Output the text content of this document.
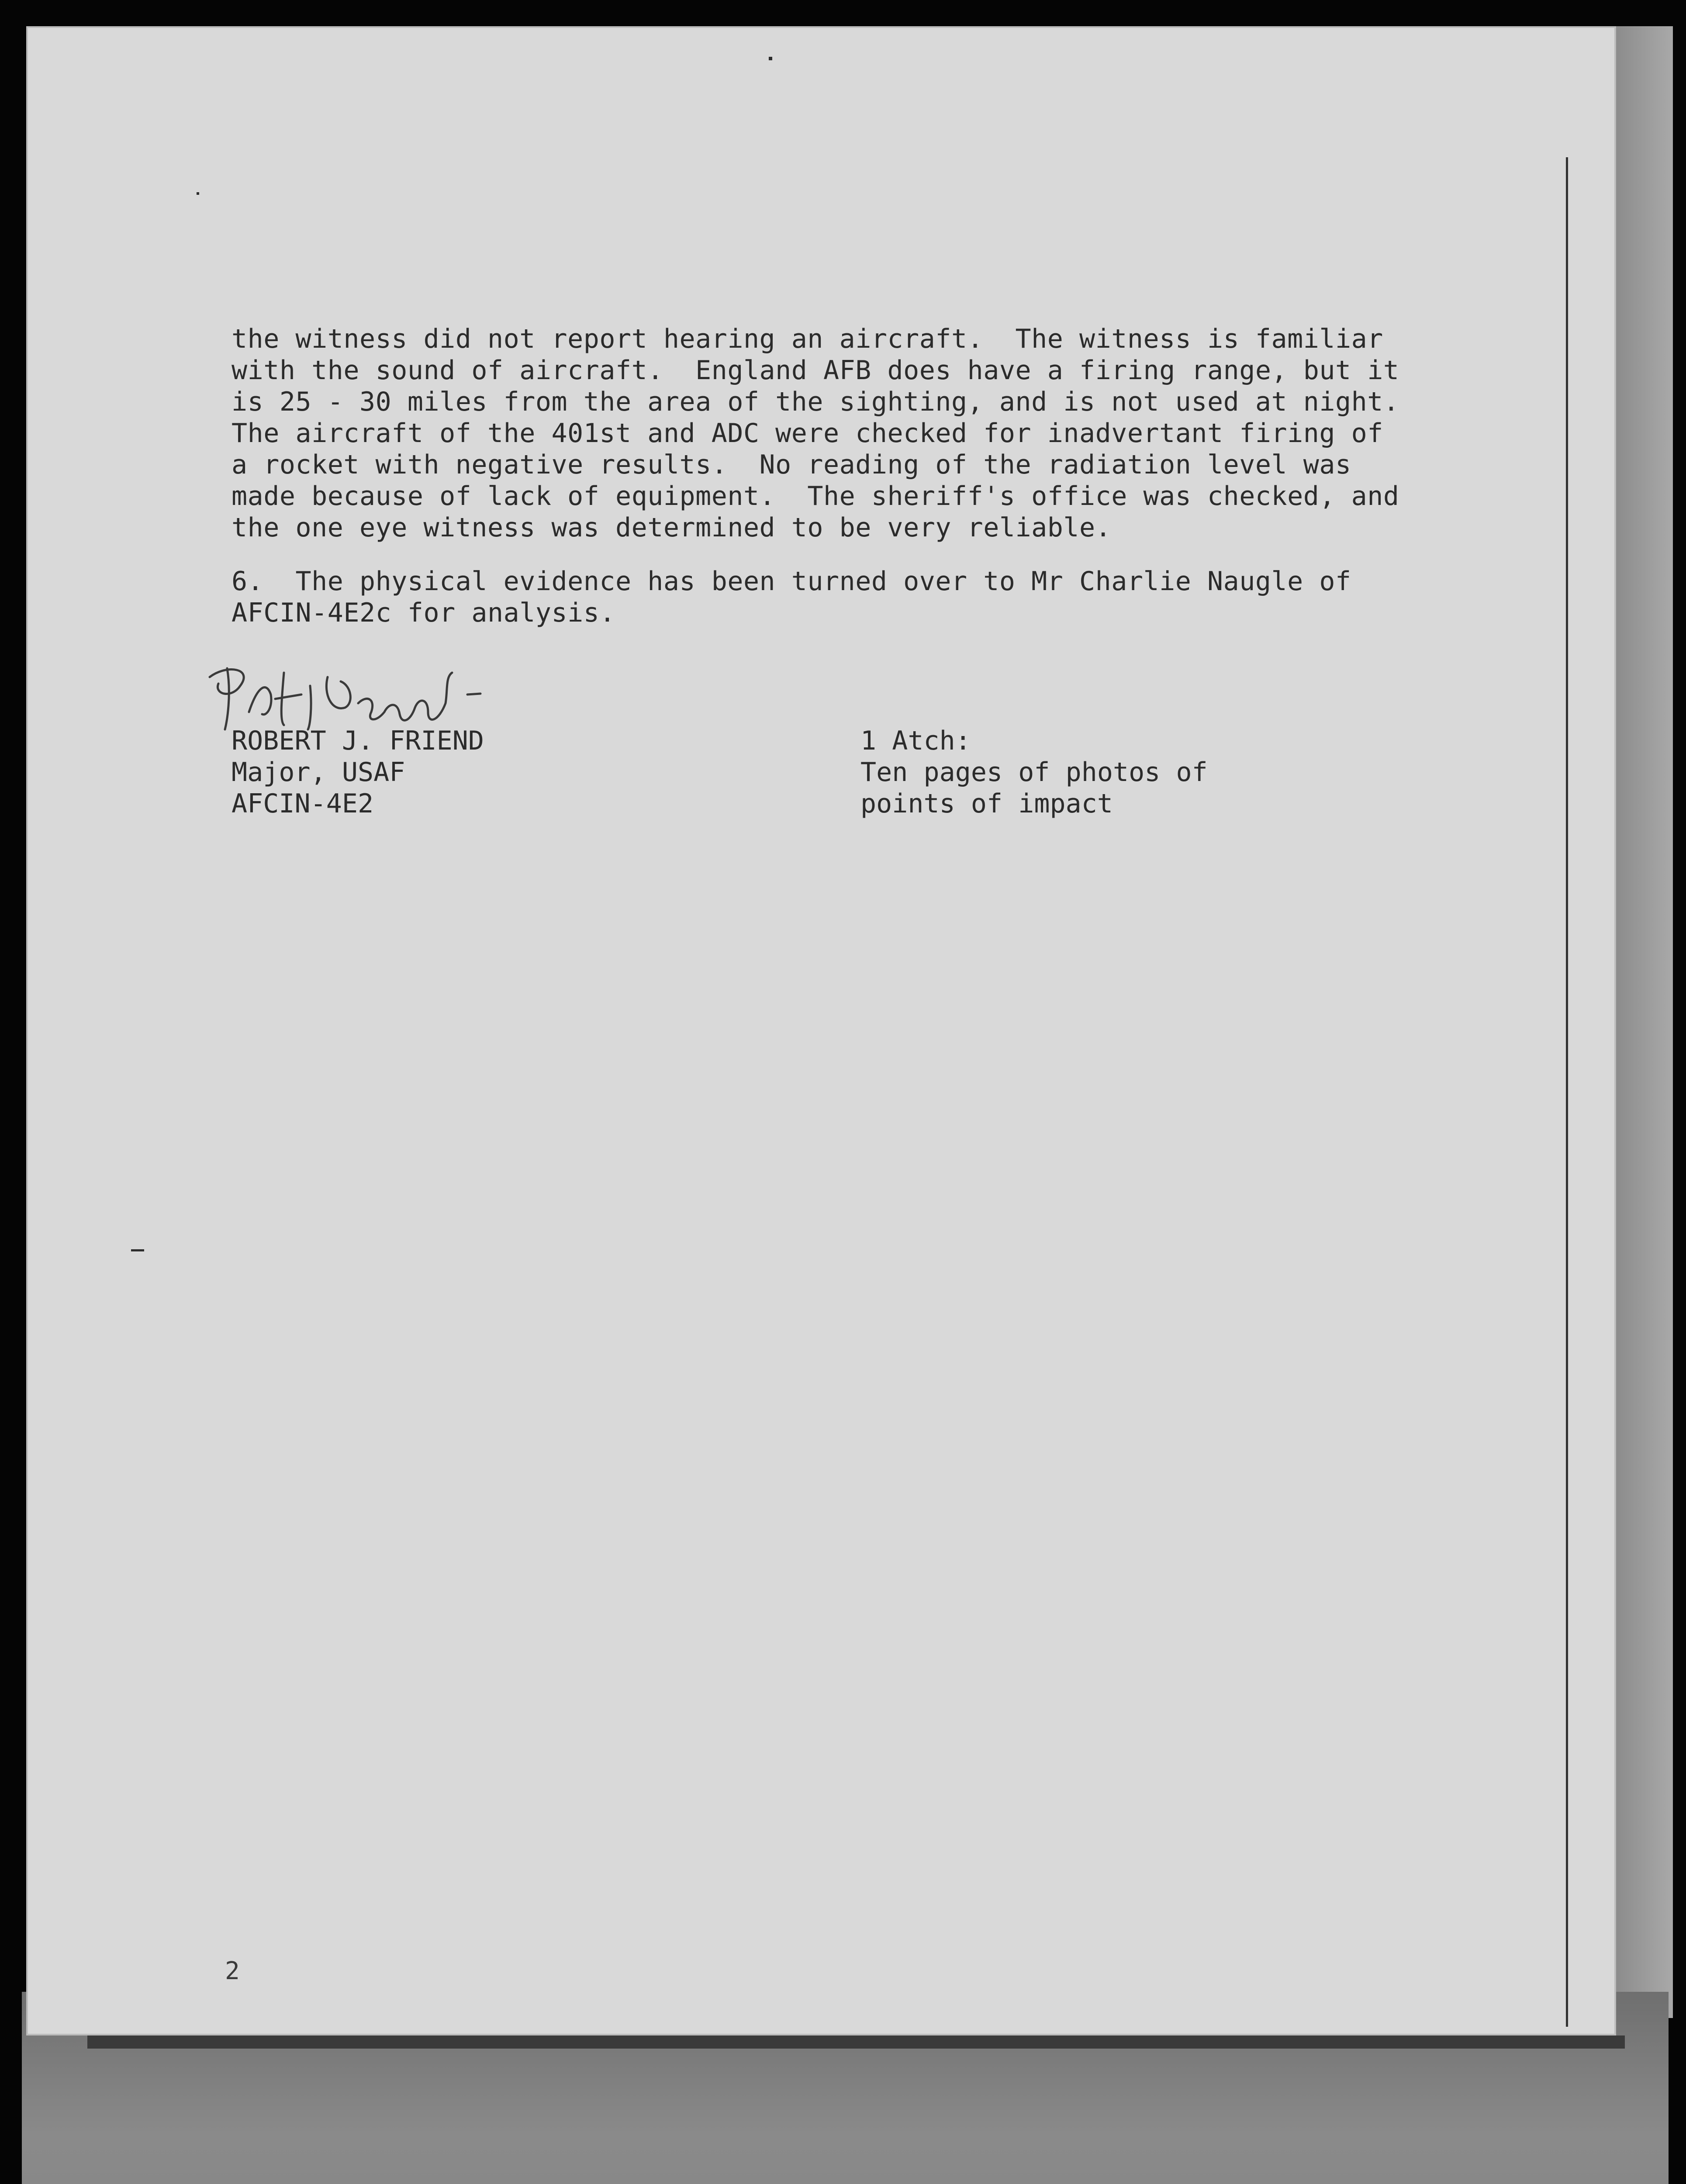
the witness did not report hearing an aircraft.  The witness is familiar
with the sound of aircraft.  England AFB does have a firing range, but it
is 25 - 30 miles from the area of the sighting, and is not used at night.
The aircraft of the 401st and ADC were checked for inadvertant firing of
a rocket with negative results.  No reading of the radiation level was
made because of lack of equipment.  The sheriff's office was checked, and
the one eye witness was determined to be very reliable.
6.  The physical evidence has been turned over to Mr Charlie Naugle of
AFCIN-4E2c for analysis.
ROBERT J. FRIEND
Major, USAF
AFCIN-4E2
1 Atch:
Ten pages of photos of
points of impact
2
